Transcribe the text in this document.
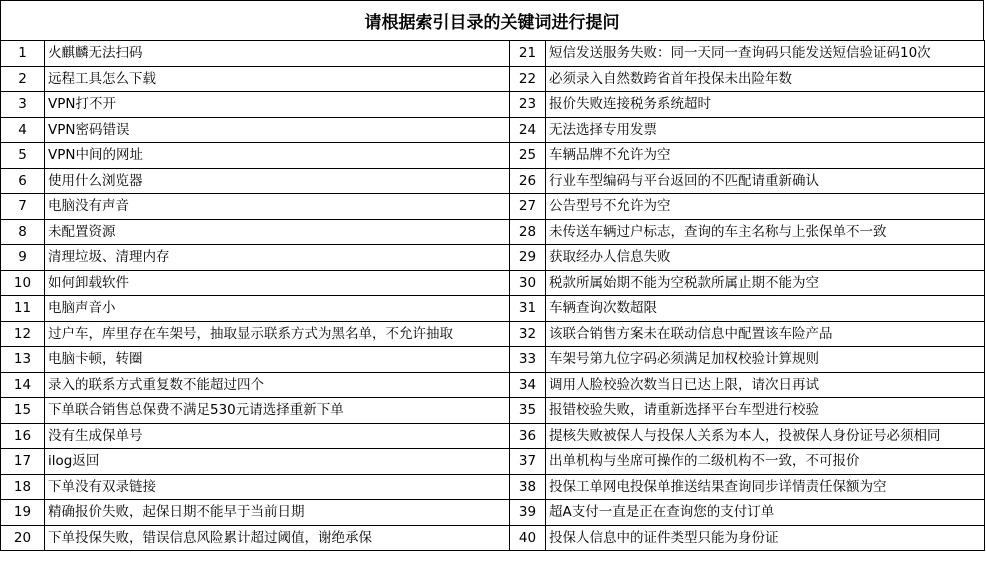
请根据索引目录的关键词进行提问
1	火麒麟无法扫码	21	短信发送服务失败：同一天同一查询码只能发送短信验证码10次
2	远程工具怎么下载	22	必须录入自然数跨省首年投保未出险年数
3	VPN打不开	23	报价失败连接税务系统超时
4	VPN密码错误	24	无法选择专用发票
5	VPN中间的网址	25	车辆品牌不允许为空
6	使用什么浏览器	26	行业车型编码与平台返回的不匹配请重新确认
7	电脑没有声音	27	公告型号不允许为空
8	未配置资源	28	未传送车辆过户标志，查询的车主名称与上张保单不一致
9	清理垃圾、清理内存	29	获取经办人信息失败
10	如何卸载软件	30	税款所属始期不能为空税款所属止期不能为空
11	电脑声音小	31	车辆查询次数超限
12	过户车，库里存在车架号，抽取显示联系方式为黑名单，不允许抽取	32	该联合销售方案未在联动信息中配置该车险产品
13	电脑卡顿，转圈	33	车架号第九位字码必须满足加权校验计算规则
14	录入的联系方式重复数不能超过四个	34	调用人脸校验次数当日已达上限，请次日再试
15	下单联合销售总保费不满足530元请选择重新下单	35	报错校验失败，请重新选择平台车型进行校验
16	没有生成保单号	36	提核失败被保人与投保人关系为本人，投被保人身份证号必须相同
17	ilog返回	37	出单机构与坐席可操作的二级机构不一致，不可报价
18	下单没有双录链接	38	投保工单网电投保单推送结果查询同步详情责任保额为空
19	精确报价失败，起保日期不能早于当前日期	39	超A支付一直是正在查询您的支付订单
20	下单投保失败，错误信息风险累计超过阈值，谢绝承保	40	投保人信息中的证件类型只能为身份证
